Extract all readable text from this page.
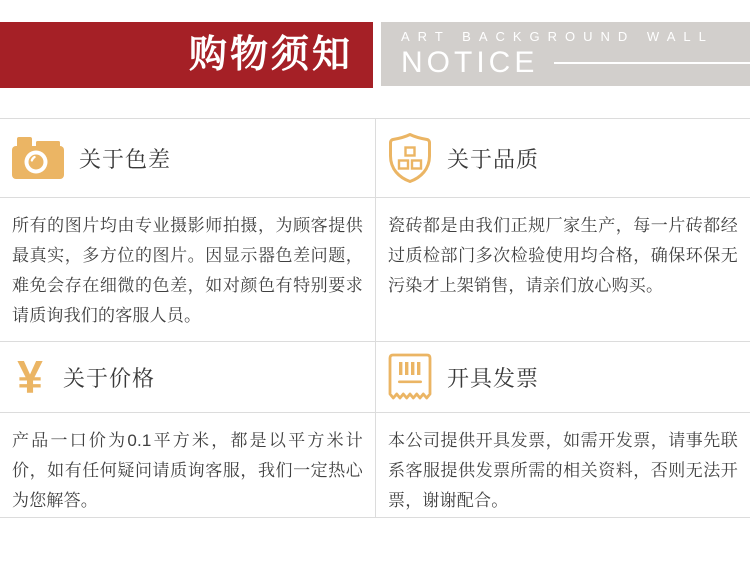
购物须知	ART BACKGROUND WALL
NOTICE
关于色差	关于品质
所有的图片均由专业摄影师拍摄，为顾客提供最真实，多方位的图片。因显示器色差问题，难免会存在细微的色差，如对颜色有特别要求请质询我们的客服人员。
瓷砖都是由我们正规厂家生产，每一片砖都经过质检部门多次检验使用均合格，确保环保无污染才上架销售，请亲们放心购买。
¥ 关于价格	开具发票
产品一口价为0.1平方米，都是以平方米计价，如有任何疑问请质询客服，我们一定热心为您解答。
本公司提供开具发票，如需开发票，请事先联系客服提供发票所需的相关资料，否则无法开票，谢谢配合。
